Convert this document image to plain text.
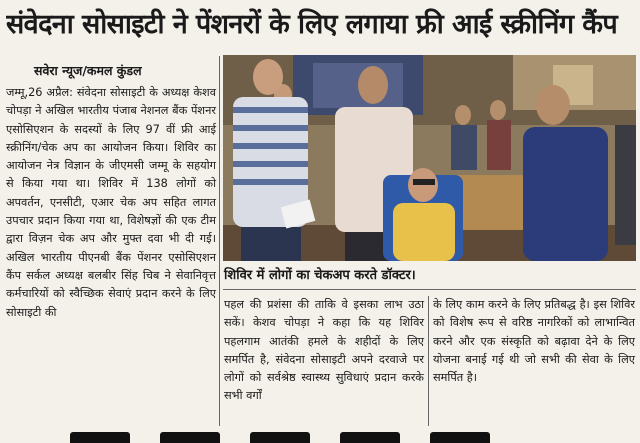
संवेदना सोसाइटी ने पेंशनरों के लिए लगाया फ्री आई स्क्रीनिंग कैंप
सवेरा न्यूज/कमल कुंडल
जम्मू,26 अप्रैल: संवेदना सोसाइटी के अध्यक्ष केशव चोपड़ा ने अखिल भारतीय पंजाब नेशनल बैंक पेंशनर एसोसिएशन के सदस्यों के लिए 97 वीं फ्री आई स्क्रीनिंग/चेक अप का आयोजन किया। शिविर का आयोजन नेत्र विज्ञान के जीएमसी जम्मू के सहयोग से किया गया था। शिविर में 138 लोगों को अपवर्तन, एनसीटी, एआर चेक अप सहित लागत उपचार प्रदान किया गया था, विशेषज्ञों की एक टीम द्वारा विज़न चेक अप और मुफ्त दवा भी दी गई। अखिल भारतीय पीएनबी बैंक पेंशनर एसोसिएशन कैंप सर्कल अध्यक्ष बलबीर सिंह चिब ने सेवानिवृत्त कर्मचारियों को स्वैच्छिक सेवाएं प्रदान करने के लिए सोसाइटी की
शिविर में लोगों का चेकअप करते डॉक्टर।
पहल की प्रशंसा की ताकि वे इसका लाभ उठा सकें। केशव चोपड़ा ने कहा कि यह शिविर पहलगाम आतंकी हमले के शहीदों के लिए समर्पित है, संवेदना सोसाइटी अपने दरवाजे पर लोगों को सर्वश्रेष्ठ स्वास्थ्य सुविधाएं प्रदान करके सभी वर्गों
के लिए काम करने के लिए प्रतिबद्ध है। इस शिविर को विशेष रूप से वरिष्ठ नागरिकों को लाभान्वित करने और एक संस्कृति को बढ़ावा देने के लिए योजना बनाई गई थी जो सभी की सेवा के लिए समर्पित है।
